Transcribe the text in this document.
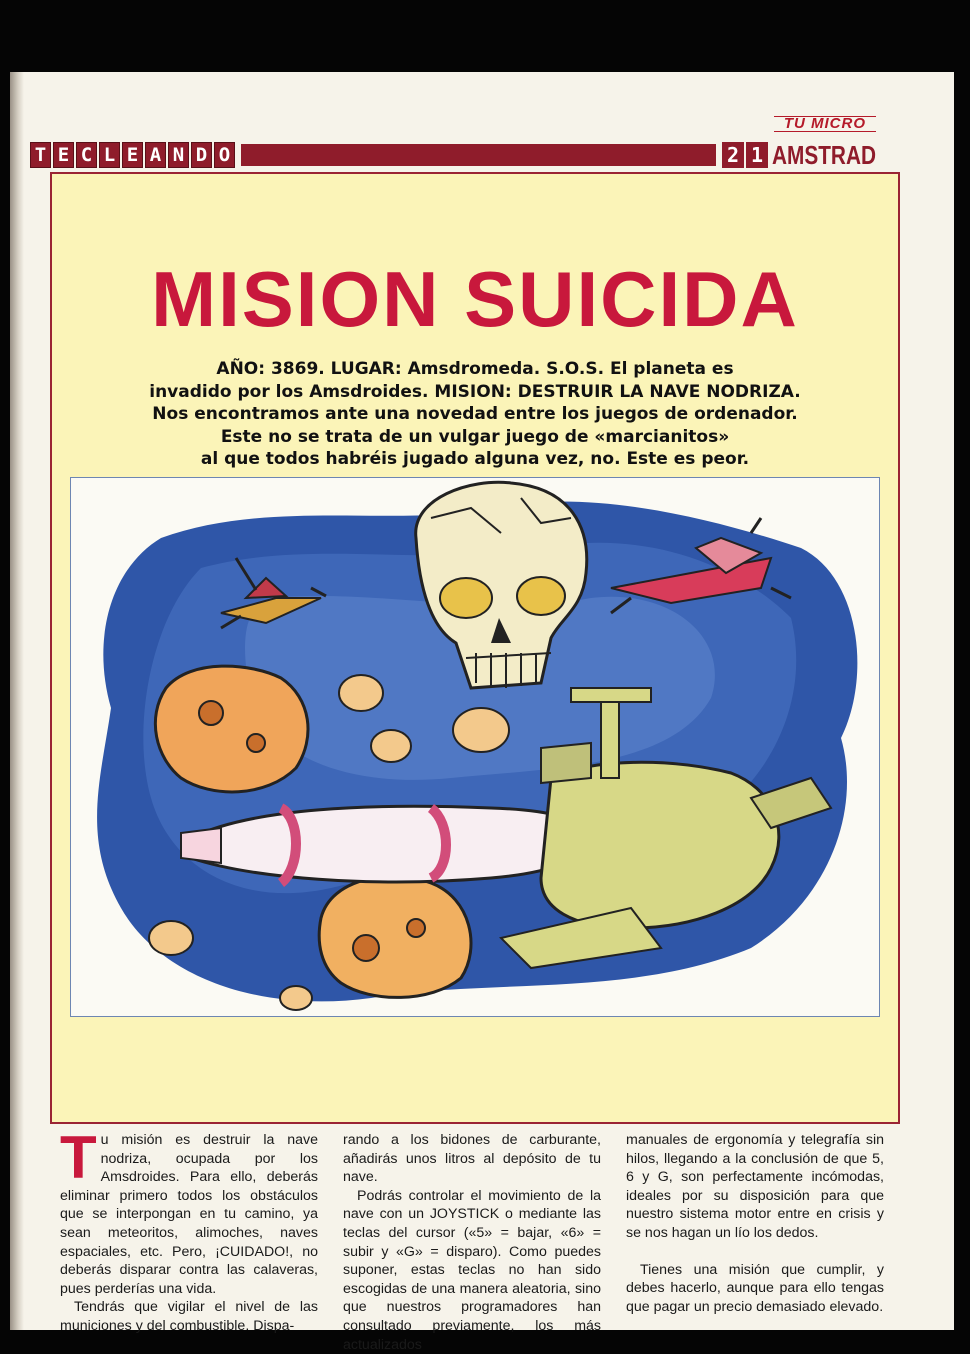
TU MICRO
T E C L E A N D O	2 1 AMSTRAD
MISION SUICIDA
AÑO: 3869. LUGAR: Amsdromeda. S.O.S. El planeta es
invadido por los Amsdroides. MISION: DESTRUIR LA NAVE NODRIZA.
Nos encontramos ante una novedad entre los juegos de ordenador.
Este no se trata de un vulgar juego de «marcianitos»
al que todos habréis jugado alguna vez, no. Este es peor.

Tu misión es destruir la nave nodriza, ocupada por los Amsdroides. Para ello, deberás eliminar primero todos los obstáculos que se interpongan en tu camino, ya sean meteoritos, alimoches, naves espaciales, etc. Pero, ¡CUIDADO!, no deberás disparar contra las calaveras, pues perderías una vida.

Tendrás que vigilar el nivel de las municiones y del combustible. Dispa-

rando a los bidones de carburante, añadirás unos litros al depósito de tu nave.

Podrás controlar el movimiento de la nave con un JOYSTICK o mediante las teclas del cursor («5» = bajar, «6» = subir y «G» = disparo). Como puedes suponer, estas teclas no han sido escogidas de una manera aleatoria, sino que nuestros programadores han consultado previamente, los más actualizados

manuales de ergonomía y telegrafía sin hilos, llegando a la conclusión de que 5, 6 y G, son perfectamente incómodas, ideales por su disposición para que nuestro sistema motor entre en crisis y se nos hagan un lío los dedos.

Tienes una misión que cumplir, y debes hacerlo, aunque para ello tengas que pagar un precio demasiado elevado.
